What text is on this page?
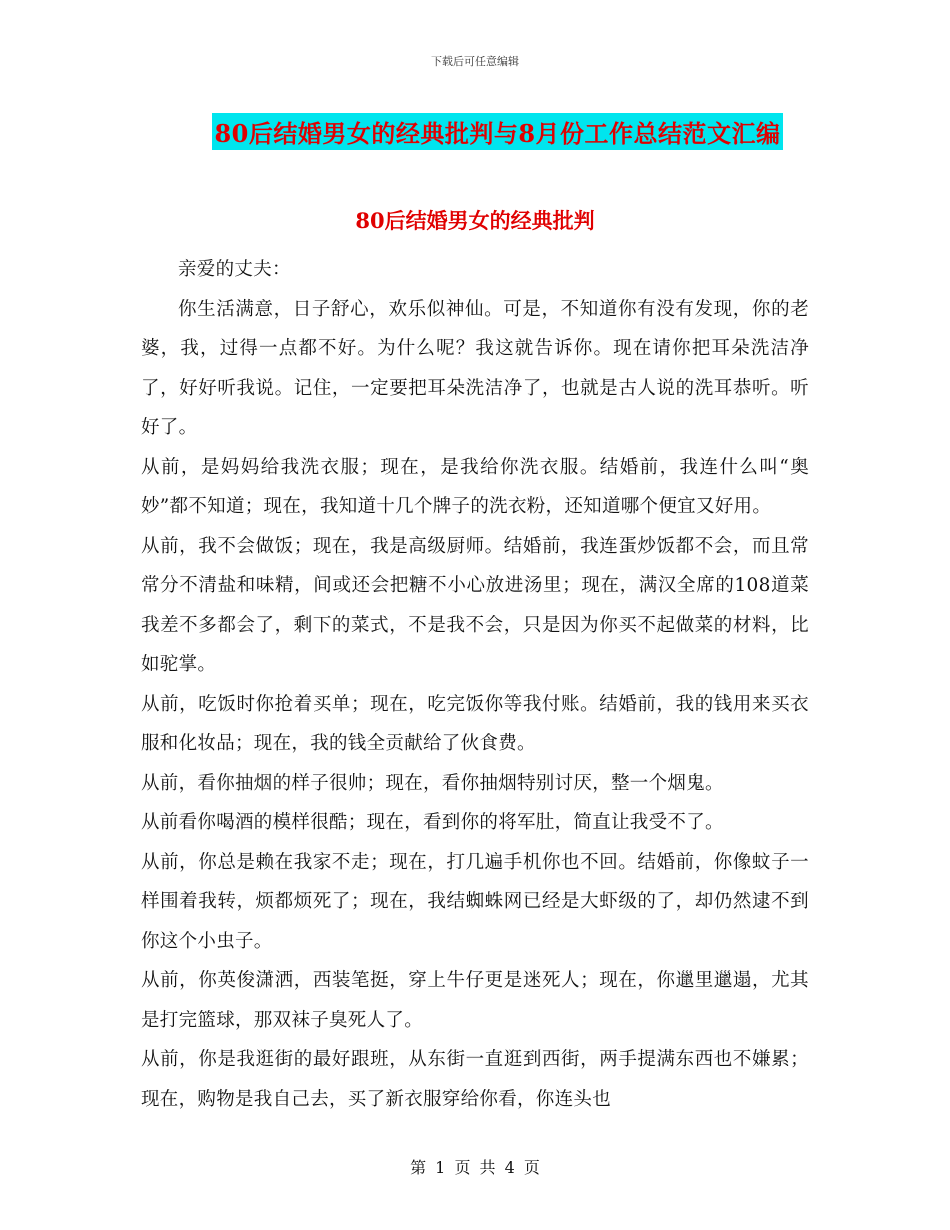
下载后可任意编辑
80后结婚男女的经典批判与8月份工作总结范文汇编
80后结婚男女的经典批判

亲爱的丈夫：

你生活满意，日子舒心，欢乐似神仙。可是，不知道你有没有发现，你的老婆，我，过得一点都不好。为什么呢？我这就告诉你。现在请你把耳朵洗洁净了，好好听我说。记住，一定要把耳朵洗洁净了，也就是古人说的洗耳恭听。听好了。

从前，是妈妈给我洗衣服；现在，是我给你洗衣服。结婚前，我连什么叫“奥妙”都不知道；现在，我知道十几个牌子的洗衣粉，还知道哪个便宜又好用。

从前，我不会做饭；现在，我是高级厨师。结婚前，我连蛋炒饭都不会，而且常常分不清盐和味精，间或还会把糖不小心放进汤里；现在，满汉全席的108道菜我差不多都会了，剩下的菜式，不是我不会，只是因为你买不起做菜的材料，比如驼掌。

从前，吃饭时你抢着买单；现在，吃完饭你等我付账。结婚前，我的钱用来买衣服和化妆品；现在，我的钱全贡献给了伙食费。

从前，看你抽烟的样子很帅；现在，看你抽烟特别讨厌，整一个烟鬼。

从前看你喝酒的模样很酷；现在，看到你的将军肚，简直让我受不了。

从前，你总是赖在我家不走；现在，打几遍手机你也不回。结婚前，你像蚊子一样围着我转，烦都烦死了；现在，我结蜘蛛网已经是大虾级的了，却仍然逮不到你这个小虫子。

从前，你英俊潇洒，西装笔挺，穿上牛仔更是迷死人；现在，你邋里邋遢，尤其是打完篮球，那双袜子臭死人了。

从前，你是我逛街的最好跟班，从东街一直逛到西街，两手提满东西也不嫌累；现在，购物是我自己去，买了新衣服穿给你看，你连头也

第 1 页 共 4 页
